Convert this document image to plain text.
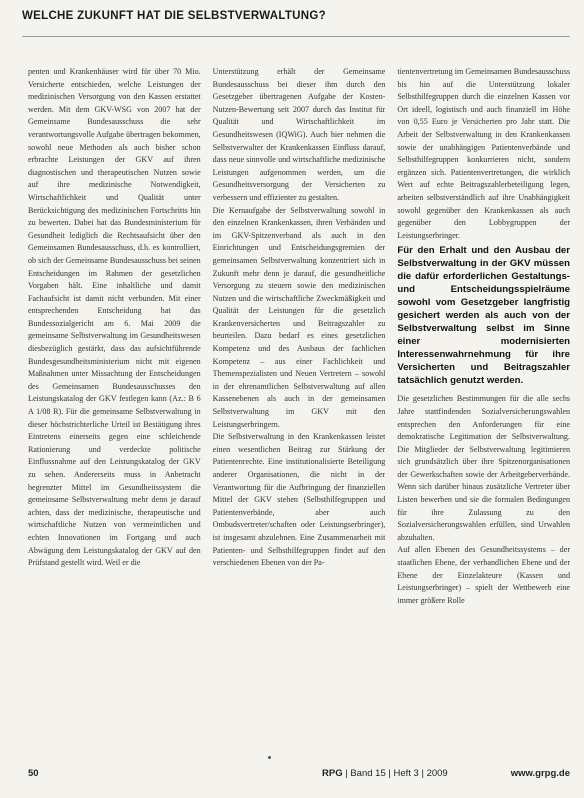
WELCHE ZUKUNFT HAT DIE SELBSTVERWALTUNG?

penten und Krankenhäuser wird für über 70 Mio. Versicherte entschieden, welche Leistungen der medizinischen Versorgung von den Kassen erstattet werden. Mit dem GKV-WSG von 2007 hat der Gemeinsame Bundesausschuss die sehr verantwortungsvolle Aufgabe übertragen bekommen, sowohl neue Methoden als auch bisher schon erbrachte Leistungen der GKV auf ihren diagnostischen und therapeutischen Nutzen sowie auf ihre medizinische Notwendigkeit, Wirtschaftlichkeit und Qualität unter Berücksichtigung des medizinischen Fortschritts hin zu bewerten. Dabei hat das Bundesministerium für Gesundheit lediglich die Rechtsaufsicht über den Gemeinsamen Bundesausschuss, d.h. es kontrolliert, ob sich der Gemeinsame Bundesausschuss bei seinen Entscheidungen im Rahmen der gesetzlichen Vorgaben hält. Eine inhaltliche und damit Fachaufsicht ist damit nicht verbunden. Mit einer entsprechenden Entscheidung hat das Bundessozialgericht am 6. Mai 2009 die gemeinsame Selbstverwaltung im Gesundheitswesen diesbezüglich gestärkt, dass das aufsichtführende Bundesgesundheitsministerium nicht mit eigenen Maßnahmen unter Missachtung der Entscheidungen des Gemeinsamen Bundesausschusses den Leistungskatalog der GKV festlegen kann (Az.: B 6 A 1/08 R). Für die gemeinsame Selbstverwaltung in dieser höchstrichterliche Urteil ist Bestätigung ihres Eintretens einerseits gegen eine schleichende Rationierung und verdeckte politische Einflussnahme auf den Leistungskatalog der GKV zu sehen. Andererseits muss in Anbetracht begrenzter Mittel im Gesundheitssystem die gemeinsame Selbstverwaltung mehr denn je darauf achten, dass der medizinische, therapeutische und wirtschaftliche Nutzen von vermeintlichen und echten Innovationen im Fortgang und auch Abwägung dem Leistungskatalog der GKV auf den Prüfstand gestellt wird. Weil er die

Unterstützung erhält der Gemeinsame Bundesausschuss bei dieser ihm durch den Gesetzgeber übertragenen Aufgabe der Kosten-Nutzen-Bewertung seit 2007 durch das Institut für Qualität und Wirtschaftlichkeit im Gesundheitswesen (IQWiG). Auch hier nehmen die Selbstverwalter der Krankenkassen Einfluss darauf, dass neue sinnvolle und wirtschaftliche medizinische Leistungen aufgenommen werden, um die Gesundheitsversorgung der Versicherten zu verbessern und effizienter zu gestalten.

Die Kernaufgabe der Selbstverwaltung sowohl in den einzelnen Krankenkassen, ihren Verbänden und im GKV-Spitzenverband als auch in den Einrichtungen und Entscheidungsgremien der gemeinsamen Selbstverwaltung konzentriert sich in Zukunft mehr denn je darauf, die gesundheitliche Versorgung zu steuern sowie den medizinischen Nutzen und die wirtschaftliche Zweckmäßigkeit und Qualität der Leistungen für die gesetzlich Krankenversicherten und Beitragszahler zu beurteilen. Dazu bedarf es eines gesetzlichen Kompetenz und des Ausbaus der fachlichen Kompetenz – aus einer Fachlichkeit und Themenspezialisten und Neuen Vertretern – sowohl in der ehrenamtlichen Selbstverwaltung auf allen Kassenebenen als auch in der gemeinsamen Selbstverwaltung im GKV mit den Leistungserbringern.

Die Selbstverwaltung in den Krankenkassen leistet einen wesentlichen Beitrag zur Stärkung der Patientenrechte. Eine institutionalisierte Beteiligung anderer Organisationen, die nicht in der Verantwortung für die Aufbringung der finanziellen Mittel der GKV stehen (Selbsthilfegruppen und Patientenverbände, aber auch Ombudsvertreter/schaften oder Leistungserbringer), ist insgesamt abzulehnen. Eine Zusammenarbeit mit Patienten- und Selbsthilfegruppen findet auf den verschiedenen Ebenen von der Pa-

tientenvertretung im Gemeinsamen Bundesausschuss bis hin auf die Unterstützung lokaler Selbsthilfegruppen durch die einzelnen Kassen vor Ort ideell, logistisch und auch finanziell im Höhe von 0,55 Euro je Versicherten pro Jahr statt. Die Arbeit der Selbstverwaltung in den Krankenkassen sowie der unabhängigen Patientenverbände und Selbsthilfegruppen konkurrieren nicht, sondern ergänzen sich. Patientenvertretungen, die wirklich Wert auf echte Beitragszahlerbeteiligung legen, arbeiten selbstverständlich auf ihre Unabhängigkeit sowohl gegenüber den Krankenkassen als auch gegenüber den Lobbygruppen der Leistungserbringer.

Für den Erhalt und den Ausbau der Selbstverwaltung in der GKV müssen die dafür erforderlichen Gestaltungs- und Entscheidungsspielräume sowohl vom Gesetzgeber langfristig gesichert werden als auch von der Selbstverwaltung selbst im Sinne einer modernisierten Interessenwahrnehmung für ihre Versicherten und Beitragszahler tatsächlich genutzt werden.

Die gesetzlichen Bestimmungen für die alle sechs Jahre stattfindenden Sozialversicherungswahlen entsprechen den Anforderungen für eine demokratische Legitimation der Selbstverwaltung. Die Mitglieder der Selbstverwaltung legitimieren sich grundsätzlich über ihre Spitzenorganisationen der Gewerkschaften sowie der Arbeitgeberverbände. Wenn sich darüber hinaus zusätzliche Vertreter über Listen bewerben und sie die formalen Bedingungen für ihre Zulassung zu den Sozialversicherungswahlen erfüllen, sind Urwahlen abzuhalten.

Auf allen Ebenen des Gesundheitssystems – der staatlichen Ebene, der verbandlichen Ebene und der Ebene der Einzelakteure (Kassen und Leistungserbringer) – spielt der Wettbewerb eine immer größere Rolle

50	RPG | Band 15 | Heft 3 | 2009	www.grpg.de
